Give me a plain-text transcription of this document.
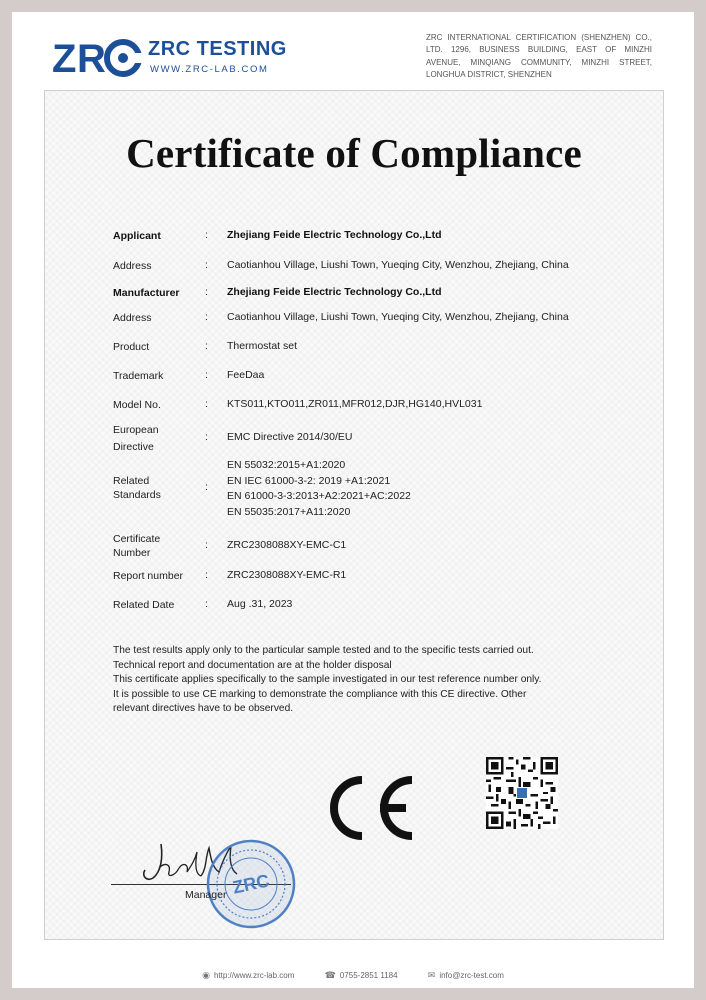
Z R ZRC TESTING
WWW.ZRC-LAB.COM
ZRC INTERNATIONAL CERTIFICATION (SHENZHEN) CO., LTD. 1296, BUSINESS BUILDING, EAST OF MINZHI AVENUE, MINQIANG COMMUNITY, MINZHI STREET, LONGHUA DISTRICT, SHENZHEN
Certificate of Compliance
Applicant	:	Zhejiang Feide Electric Technology Co.,Ltd
Address	:	Caotianhou Village, Liushi Town, Yueqing City, Wenzhou, Zhejiang, China
Manufacturer	:	Zhejiang Feide Electric Technology Co.,Ltd
Address	:	Caotianhou Village, Liushi Town, Yueqing City, Wenzhou, Zhejiang, China
Product	:	Thermostat set
Trademark	:	FeeDaa
Model No.	:	KTS011,KTO011,ZR011,MFR012,DJR,HG140,HVL031
European
Directive
:	EMC Directive 2014/30/EU
Related
Standards
:
EN 55032:2015+A1:2020
EN IEC 61000-3-2: 2019 +A1:2021
EN 61000-3-3:2013+A2:2021+AC:2022
EN 55035:2017+A11:2020
Certificate
Number
:	ZRC2308088XY-EMC-C1
Report number	:	ZRC2308088XY-EMC-R1
Related Date	:	Aug .31, 2023
The test results apply only to the particular sample tested and to the specific tests carried out.
Technical report and documentation are at the holder disposal
This certificate applies specifically to the sample investigated in our test reference number only.
It is possible to use CE marking to demonstrate the compliance with this CE directive. Other
relevant directives have to be observed.
ZRC
Manager
◉ http://www.zrc-lab.com	☎ 0755-2851 1184	✉ info@zrc-test.com
